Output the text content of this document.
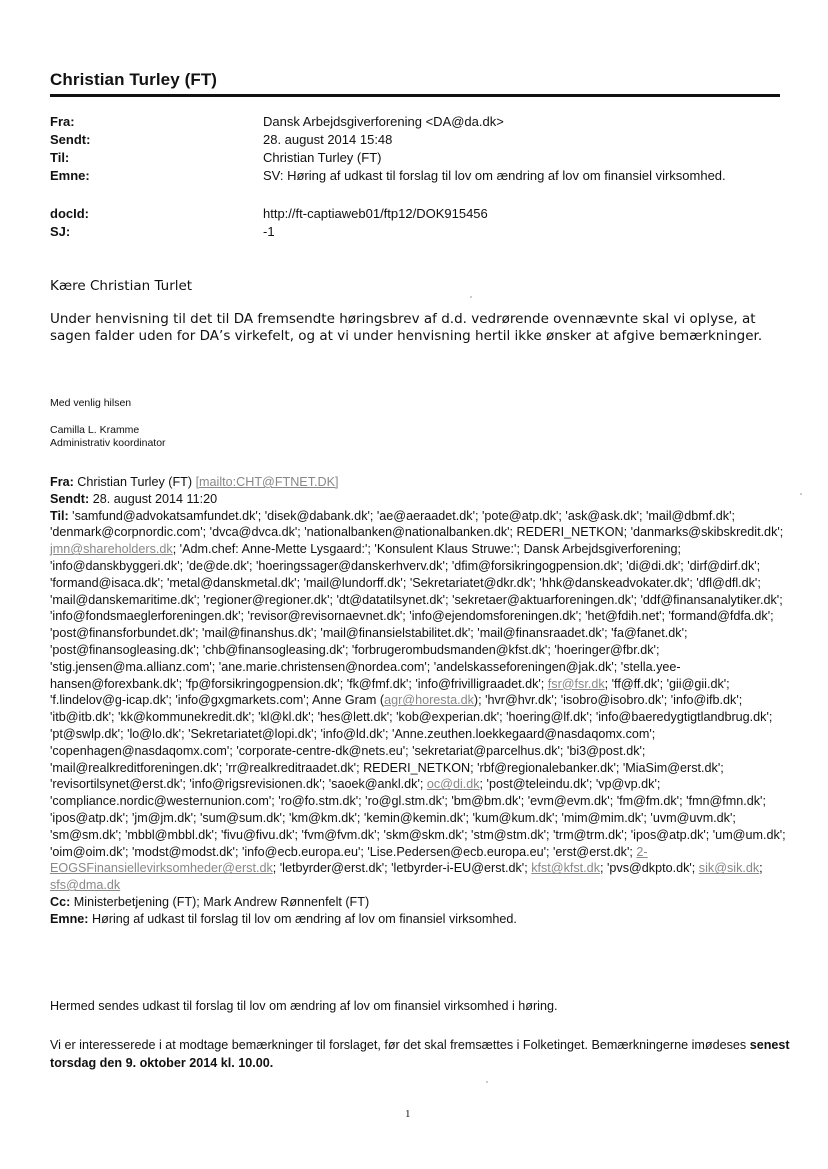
Christian Turley (FT)
Fra:	Dansk Arbejdsgiverforening <DA@da.dk>
Sendt:	28. august 2014 15:48
Til:	Christian Turley (FT)
Emne:	SV: Høring af udkast til forslag til lov om ændring af lov om finansiel virksomhed.
docId:	http://ft-captiaweb01/ftp12/DOK915456
SJ:	-1
Kære Christian Turlet
Under henvisning til det til DA fremsendte høringsbrev af d.d. vedrørende ovennævnte skal vi oplyse, at sagen falder uden for DA’s virkefelt, og at vi under henvisning hertil ikke ønsker at afgive bemærkninger.
Med venlig hilsen
Camilla L. Kramme
Administrativ koordinator
Fra: Christian Turley (FT) [mailto:CHT@FTNET.DK]
Sendt: 28. august 2014 11:20
Til: 'samfund@advokatsamfundet.dk'; 'disek@dabank.dk'; 'ae@aeraadet.dk'; 'pote@atp.dk'; 'ask@ask.dk'; 'mail@dbmf.dk'; 'denmark@corpnordic.com'; 'dvca@dvca.dk'; 'nationalbanken@nationalbanken.dk'; REDERI_NETKON; 'danmarks@skibskredit.dk'; jmn@shareholders.dk; 'Adm.chef: Anne-Mette Lysgaard:'; 'Konsulent Klaus Struwe:'; Dansk Arbejdsgiverforening; 'info@danskbyggeri.dk'; 'de@de.dk'; 'hoeringssager@danskerhverv.dk'; 'dfim@forsikringogpension.dk'; 'di@di.dk'; 'dirf@dirf.dk'; 'formand@isaca.dk'; 'metal@danskmetal.dk'; 'mail@lundorff.dk'; 'Sekretariatet@dkr.dk'; 'hhk@danskeadvokater.dk'; 'dfl@dfl.dk'; 'mail@danskemaritime.dk'; 'regioner@regioner.dk'; 'dt@datatilsynet.dk'; 'sekretaer@aktuarforeningen.dk'; 'ddf@finansanalytiker.dk'; 'info@fondsmaeglerforeningen.dk'; 'revisor@revisornaevnet.dk'; 'info@ejendomsforeningen.dk'; 'het@fdih.net'; 'formand@fdfa.dk'; 'post@finansforbundet.dk'; 'mail@finanshus.dk'; 'mail@finansielstabilitet.dk'; 'mail@finansraadet.dk'; 'fa@fanet.dk'; 'post@finansogleasing.dk'; 'chb@finansogleasing.dk'; 'forbrugerombudsmanden@kfst.dk'; 'hoeringer@fbr.dk'; 'stig.jensen@ma.allianz.com'; 'ane.marie.christensen@nordea.com'; 'andelskasseforeningen@jak.dk'; 'stella.yee-hansen@forexbank.dk'; 'fp@forsikringogpension.dk'; 'fk@fmf.dk'; 'info@frivilligraadet.dk'; fsr@fsr.dk; 'ff@ff.dk'; 'gii@gii.dk'; 'f.lindelov@g-icap.dk'; 'info@gxgmarkets.com'; Anne Gram (agr@horesta.dk); 'hvr@hvr.dk'; 'isobro@isobro.dk'; 'info@ifb.dk'; 'itb@itb.dk'; 'kk@kommunekredit.dk'; 'kl@kl.dk'; 'hes@lett.dk'; 'kob@experian.dk'; 'hoering@lf.dk'; 'info@baeredygtigtlandbrug.dk'; 'pt@swlp.dk'; 'lo@lo.dk'; 'Sekretariatet@lopi.dk'; 'info@ld.dk'; 'Anne.zeuthen.loekkegaard@nasdaqomx.com'; 'copenhagen@nasdaqomx.com'; 'corporate-centre-dk@nets.eu'; 'sekretariat@parcelhus.dk'; 'bi3@post.dk'; 'mail@realkreditforeningen.dk'; 'rr@realkreditraadet.dk'; REDERI_NETKON; 'rbf@regionalebanker.dk'; 'MiaSim@erst.dk'; 'revisortilsynet@erst.dk'; 'info@rigsrevisionen.dk'; 'saoek@ankl.dk'; oc@di.dk; 'post@teleindu.dk'; 'vp@vp.dk'; 'compliance.nordic@westernunion.com'; 'ro@fo.stm.dk'; 'ro@gl.stm.dk'; 'bm@bm.dk'; 'evm@evm.dk'; 'fm@fm.dk'; 'fmn@fmn.dk'; 'ipos@atp.dk'; 'jm@jm.dk'; 'sum@sum.dk'; 'km@km.dk'; 'kemin@kemin.dk'; 'kum@kum.dk'; 'mim@mim.dk'; 'uvm@uvm.dk'; 'sm@sm.dk'; 'mbbl@mbbl.dk'; 'fivu@fivu.dk'; 'fvm@fvm.dk'; 'skm@skm.dk'; 'stm@stm.dk'; 'trm@trm.dk'; 'ipos@atp.dk'; 'um@um.dk'; 'oim@oim.dk'; 'modst@modst.dk'; 'info@ecb.europa.eu'; 'Lise.Pedersen@ecb.europa.eu'; 'erst@erst.dk'; 2-EOGSFinansiellevirksomheder@erst.dk; 'letbyrder@erst.dk'; 'letbyrder-i-EU@erst.dk'; kfst@kfst.dk; 'pvs@dkpto.dk'; sik@sik.dk; sfs@dma.dk
Cc: Ministerbetjening (FT); Mark Andrew Rønnenfelt (FT)
Emne: Høring af udkast til forslag til lov om ændring af lov om finansiel virksomhed.
Hermed sendes udkast til forslag til lov om ændring af lov om finansiel virksomhed i høring.
Vi er interesserede i at modtage bemærkninger til forslaget, før det skal fremsættes i Folketinget. Bemærkningerne imødeses senest torsdag den 9. oktober 2014 kl. 10.00.
1
